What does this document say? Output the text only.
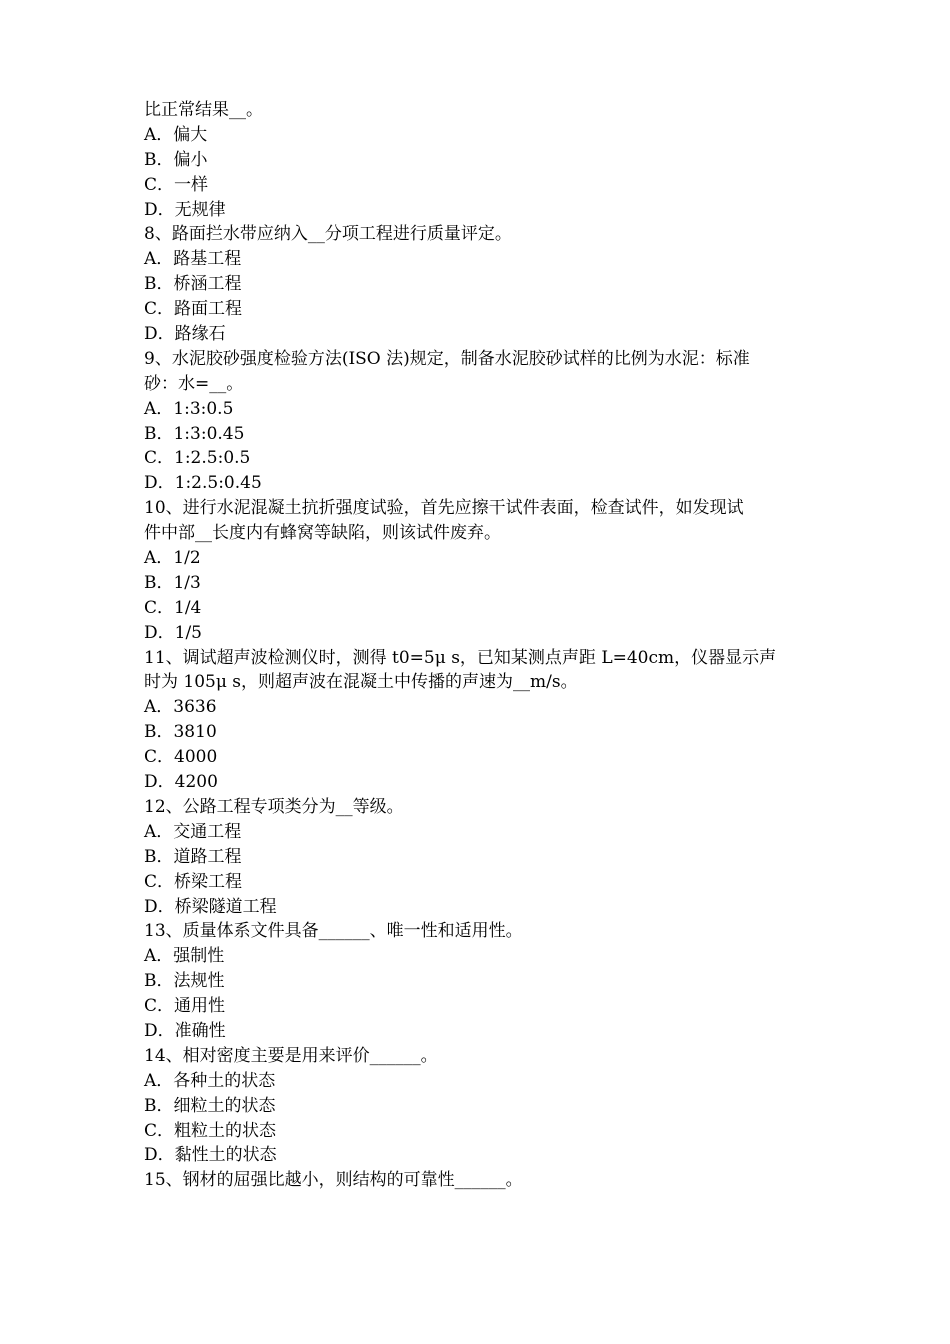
比正常结果__。
A．偏大
B．偏小
C．一样
D．无规律
8、路面拦水带应纳入__分项工程进行质量评定。
A．路基工程
B．桥涵工程
C．路面工程
D．路缘石
9、水泥胶砂强度检验方法(ISO 法)规定，制备水泥胶砂试样的比例为水泥：标准
砂：水=__。
A．1:3:0.5
B．1:3:0.45
C．1:2.5:0.5
D．1:2.5:0.45
10、进行水泥混凝土抗折强度试验，首先应擦干试件表面，检查试件，如发现试
件中部__长度内有蜂窝等缺陷，则该试件废弃。
A．1/2
B．1/3
C．1/4
D．1/5
11、调试超声波检测仪时，测得 t0=5μ s，已知某测点声距 L=40cm，仪器显示声
时为 105μ s，则超声波在混凝土中传播的声速为__m/s。
A．3636
B．3810
C．4000
D．4200
12、公路工程专项类分为__等级。
A．交通工程
B．道路工程
C．桥梁工程
D．桥梁隧道工程
13、质量体系文件具备______、唯一性和适用性。
A．强制性
B．法规性
C．通用性
D．准确性
14、相对密度主要是用来评价______。
A．各种土的状态
B．细粒土的状态
C．粗粒土的状态
D．黏性土的状态
15、钢材的屈强比越小，则结构的可靠性______。
